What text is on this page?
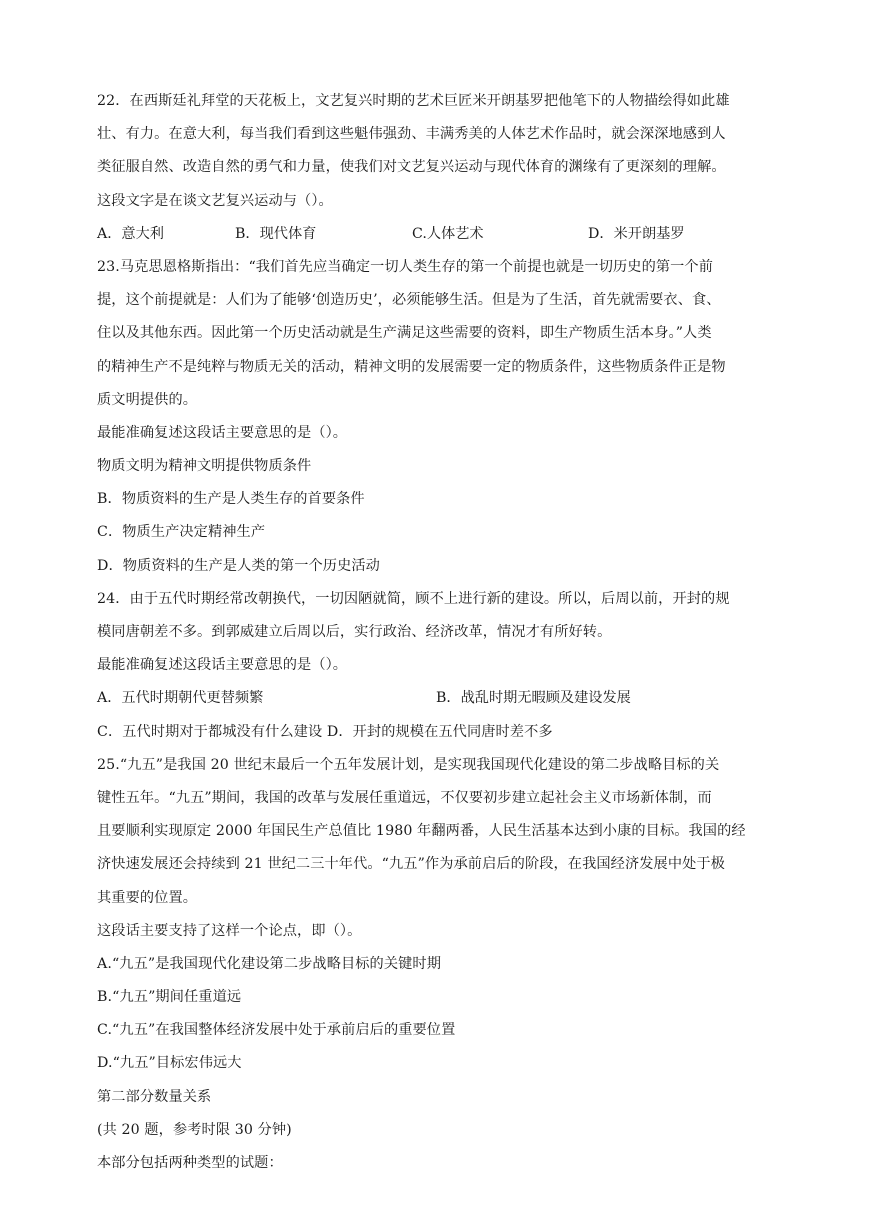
22．在西斯廷礼拜堂的天花板上，文艺复兴时期的艺术巨匠米开朗基罗把他笔下的人物描绘得如此雄
壮、有力。在意大利，每当我们看到这些魁伟强劲、丰满秀美的人体艺术作品时，就会深深地感到人
类征服自然、改造自然的勇气和力量，使我们对文艺复兴运动与现代体育的渊缘有了更深刻的理解。
这段文字是在谈文艺复兴运动与（）。
A．意大利	B．现代体育	C.人体艺术	D．米开朗基罗
23.马克思恩格斯指出：“我们首先应当确定一切人类生存的第一个前提也就是一切历史的第一个前
提，这个前提就是：人们为了能够‘创造历史’，必须能够生活。但是为了生活，首先就需要衣、食、
住以及其他东西。因此第一个历史活动就是生产满足这些需要的资料，即生产物质生活本身。”人类
的精神生产不是纯粹与物质无关的活动，精神文明的发展需要一定的物质条件，这些物质条件正是物
质文明提供的。
最能准确复述这段话主要意思的是（）。
物质文明为精神文明提供物质条件
B．物质资料的生产是人类生存的首要条件
C．物质生产决定精神生产
D．物质资料的生产是人类的第一个历史活动
24．由于五代时期经常改朝换代，一切因陋就简，顾不上进行新的建设。所以，后周以前，开封的规
模同唐朝差不多。到郭威建立后周以后，实行政治、经济改革，情况才有所好转。
最能准确复述这段话主要意思的是（）。
A．五代时期朝代更替频繁	B．战乱时期无暇顾及建设发展
C．五代时期对于都城没有什么建设 D．开封的规模在五代同唐时差不多
25.“九五”是我国 20 世纪末最后一个五年发展计划，是实现我国现代化建设的第二步战略目标的关
键性五年。“九五”期间，我国的改革与发展任重道远，不仅要初步建立起社会主义市场新体制，而
且要顺利实现原定 2000 年国民生产总值比 1980 年翻两番，人民生活基本达到小康的目标。我国的经
济快速发展还会持续到 21 世纪二三十年代。“九五”作为承前启后的阶段，在我国经济发展中处于极
其重要的位置。
这段话主要支持了这样一个论点，即（）。
A.“九五”是我国现代化建设第二步战略目标的关键时期
B.“九五”期间任重道远
C.“九五”在我国整体经济发展中处于承前启后的重要位置
D.“九五”目标宏伟远大
第二部分数量关系
(共 20 题，参考时限 30 分钟)
本部分包括两种类型的试题：
